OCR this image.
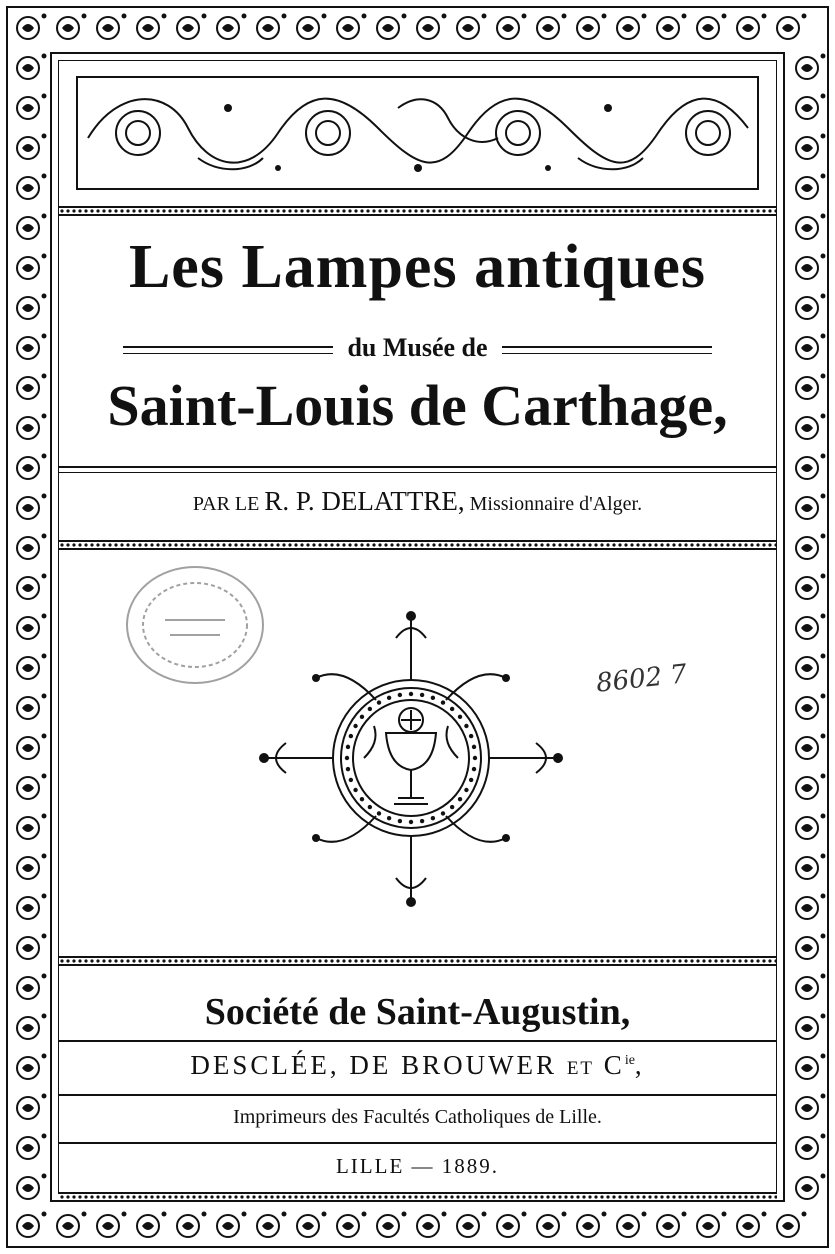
Les Lampes antiques
du Musée de
Saint-Louis de Carthage,
PAR LE R. P. DELATTRE, Missionnaire d'Alger.
8602 7
Société de Saint-Augustin,
DESCLÉE, DE BROUWER ET $C^{ie}$,
Imprimeurs des Facultés Catholiques de Lille.
LILLE — 1889.
